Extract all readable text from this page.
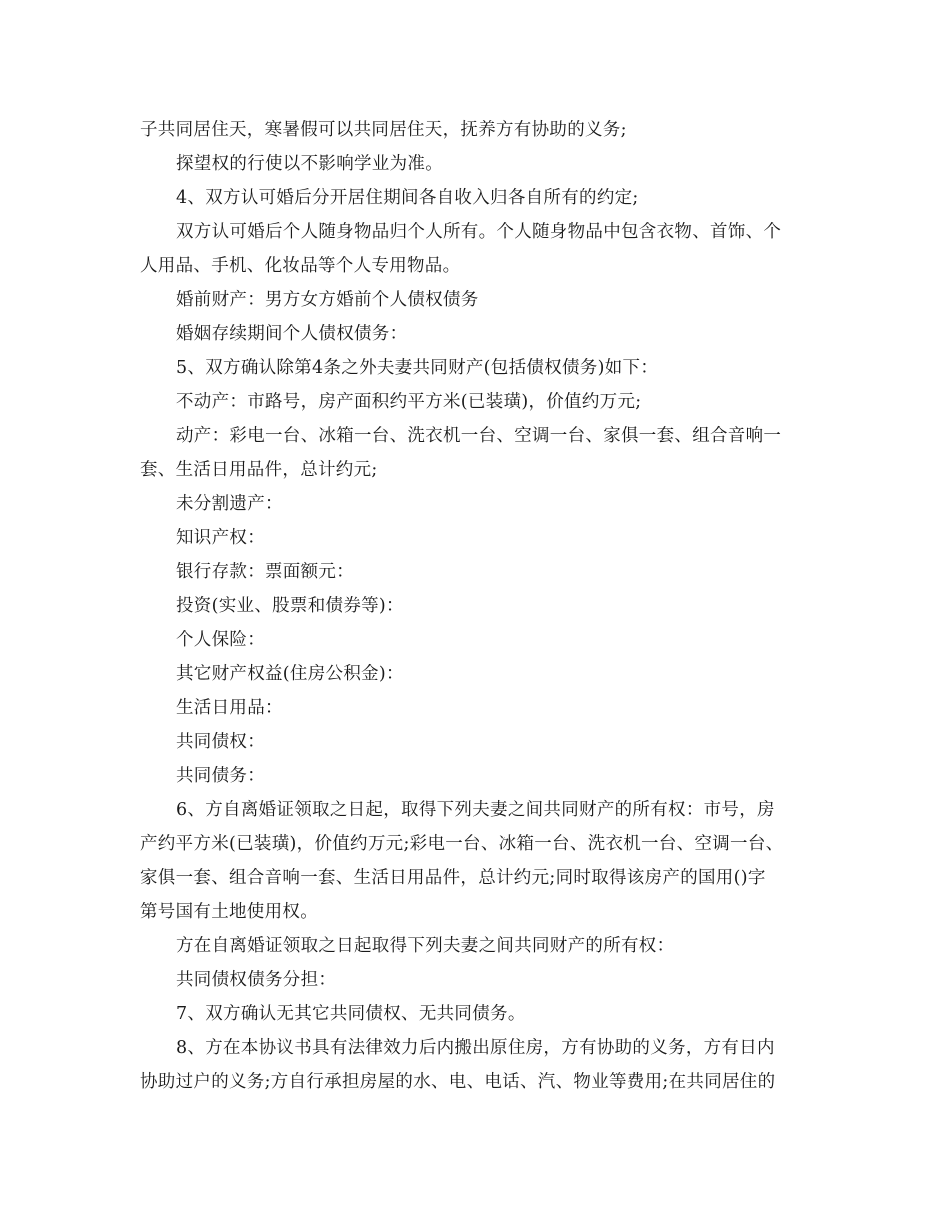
子共同居住天，寒暑假可以共同居住天，抚养方有协助的义务;
探望权的行使以不影响学业为准。
4、双方认可婚后分开居住期间各自收入归各自所有的约定;
双方认可婚后个人随身物品归个人所有。个人随身物品中包含衣物、首饰、个
人用品、手机、化妆品等个人专用物品。
婚前财产：男方女方婚前个人债权债务
婚姻存续期间个人债权债务：
5、双方确认除第4条之外夫妻共同财产(包括债权债务)如下：
不动产：市路号，房产面积约平方米(已装璜)，价值约万元;
动产：彩电一台、冰箱一台、洗衣机一台、空调一台、家俱一套、组合音响一
套、生活日用品件，总计约元;
未分割遗产：
知识产权：
银行存款：票面额元：
投资(实业、股票和债券等)：
个人保险：
其它财产权益(住房公积金)：
生活日用品：
共同债权：
共同债务：
6、方自离婚证领取之日起，取得下列夫妻之间共同财产的所有权：市号，房
产约平方米(已装璜)，价值约万元;彩电一台、冰箱一台、洗衣机一台、空调一台、
家俱一套、组合音响一套、生活日用品件，总计约元;同时取得该房产的国用()字
第号国有土地使用权。
方在自离婚证领取之日起取得下列夫妻之间共同财产的所有权：
共同债权债务分担：
7、双方确认无其它共同债权、无共同债务。
8、方在本协议书具有法律效力后内搬出原住房，方有协助的义务，方有日内
协助过户的义务;方自行承担房屋的水、电、电话、汽、物业等费用;在共同居住的
